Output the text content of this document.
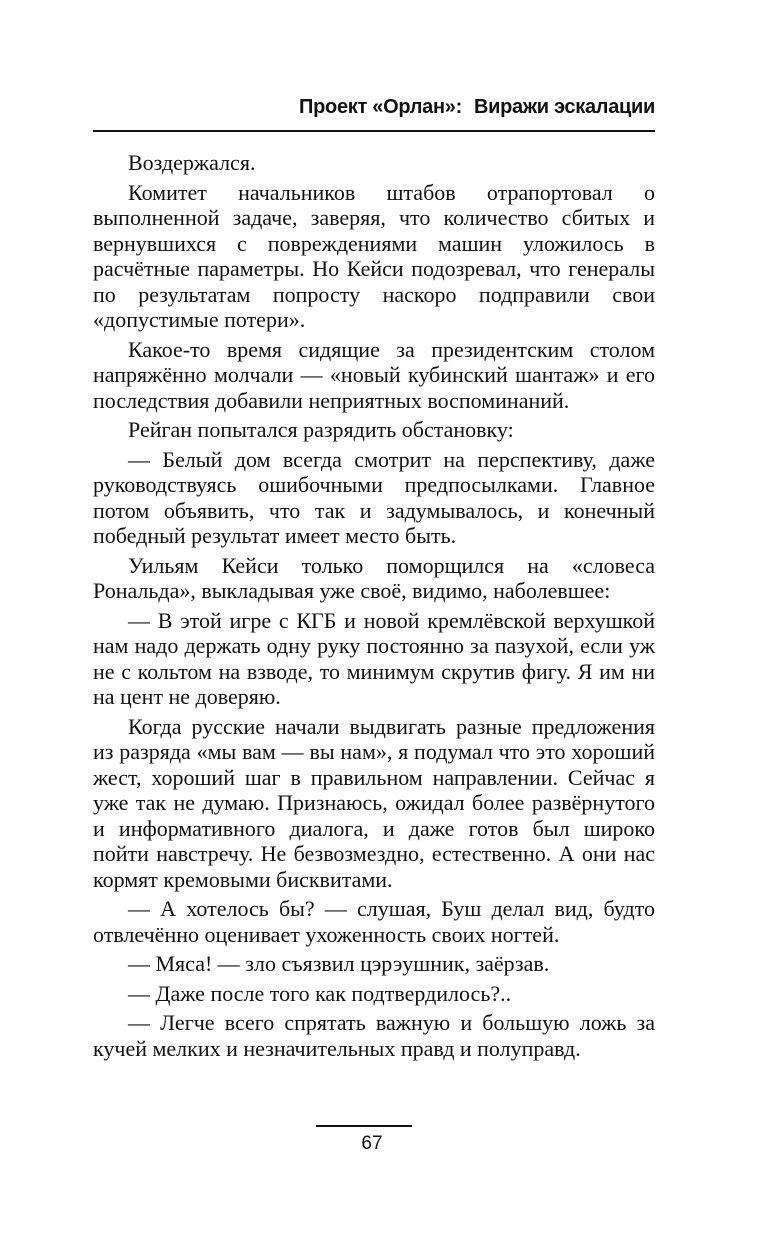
Проект «Орлан»: Виражи эскалации

Воздержался.

Комитет начальников штабов отрапортовал о выполненной задаче, заверяя, что количество сбитых и вернувшихся с повреждениями машин уложилось в расчётные параметры. Но Кейси подозревал, что генералы по результатам попросту наскоро подправили свои «допустимые потери».

Какое-то время сидящие за президентским столом напряжённо молчали — «новый кубинский шантаж» и его последствия добавили неприятных воспоминаний.

Рейган попытался разрядить обстановку:

— Белый дом всегда смотрит на перспективу, даже руководствуясь ошибочными предпосылками. Главное потом объявить, что так и задумывалось, и конечный победный результат имеет место быть.

Уильям Кейси только поморщился на «словеса Рональда», выкладывая уже своё, видимо, наболевшее:

— В этой игре с КГБ и новой кремлёвской верхушкой нам надо держать одну руку постоянно за пазухой, если уж не с кольтом на взводе, то минимум скрутив фигу. Я им ни на цент не доверяю.

Когда русские начали выдвигать разные предложения из разряда «мы вам — вы нам», я подумал что это хороший жест, хороший шаг в правильном направлении. Сейчас я уже так не думаю. Признаюсь, ожидал более развёрнутого и информативного диалога, и даже готов был широко пойти навстречу. Не безвозмездно, естественно. А они нас кормят кремовыми бисквитами.

— А хотелось бы? — слушая, Буш делал вид, будто отвлечённо оценивает ухоженность своих ногтей.

— Мяса! — зло съязвил цэрэушник, заёрзав.

— Даже после того как подтвердилось?..

— Легче всего спрятать важную и большую ложь за кучей мелких и незначительных правд и полуправд.

67
